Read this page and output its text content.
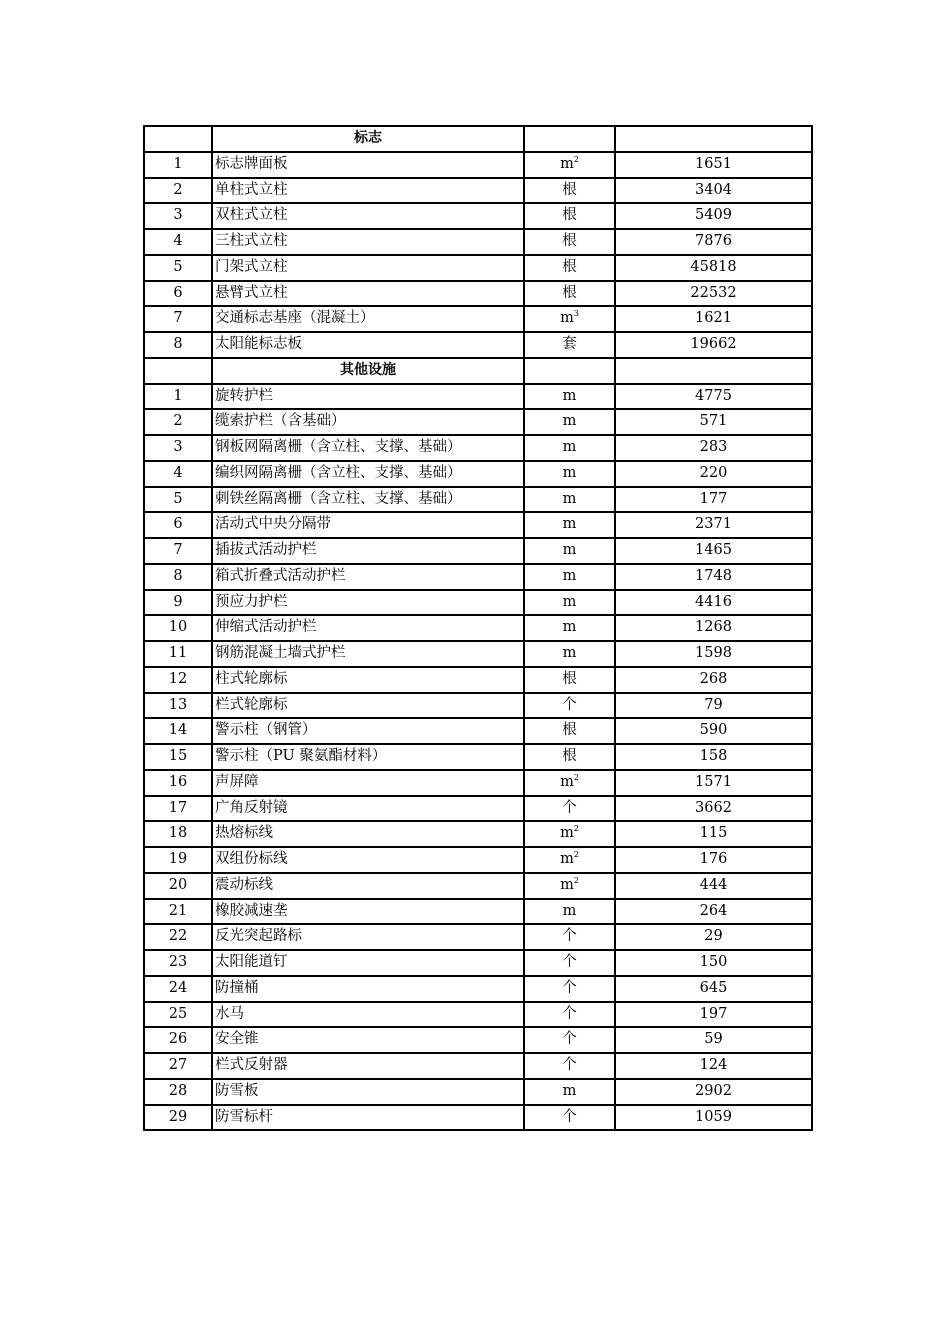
	标志		
1	标志牌面板	$m^2$	1651
2	单柱式立柱	根	3404
3	双柱式立柱	根	5409
4	三柱式立柱	根	7876
5	门架式立柱	根	45818
6	悬臂式立柱	根	22532
7	交通标志基座（混凝土）	$m^3$	1621
8	太阳能标志板	套	19662
	其他设施		
1	旋转护栏	m	4775
2	缆索护栏（含基础）	m	571
3	钢板网隔离栅（含立柱、支撑、基础）	m	283
4	编织网隔离栅（含立柱、支撑、基础）	m	220
5	刺铁丝隔离栅（含立柱、支撑、基础）	m	177
6	活动式中央分隔带	m	2371
7	插拔式活动护栏	m	1465
8	箱式折叠式活动护栏	m	1748
9	预应力护栏	m	4416
10	伸缩式活动护栏	m	1268
11	钢筋混凝土墙式护栏	m	1598
12	柱式轮廓标	根	268
13	栏式轮廓标	个	79
14	警示柱（钢管）	根	590
15	警示柱（PU 聚氨酯材料）	根	158
16	声屏障	$m^2$	1571
17	广角反射镜	个	3662
18	热熔标线	$m^2$	115
19	双组份标线	$m^2$	176
20	震动标线	$m^2$	444
21	橡胶减速垄	m	264
22	反光突起路标	个	29
23	太阳能道钉	个	150
24	防撞桶	个	645
25	水马	个	197
26	安全锥	个	59
27	栏式反射器	个	124
28	防雪板	m	2902
29	防雪标杆	个	1059
